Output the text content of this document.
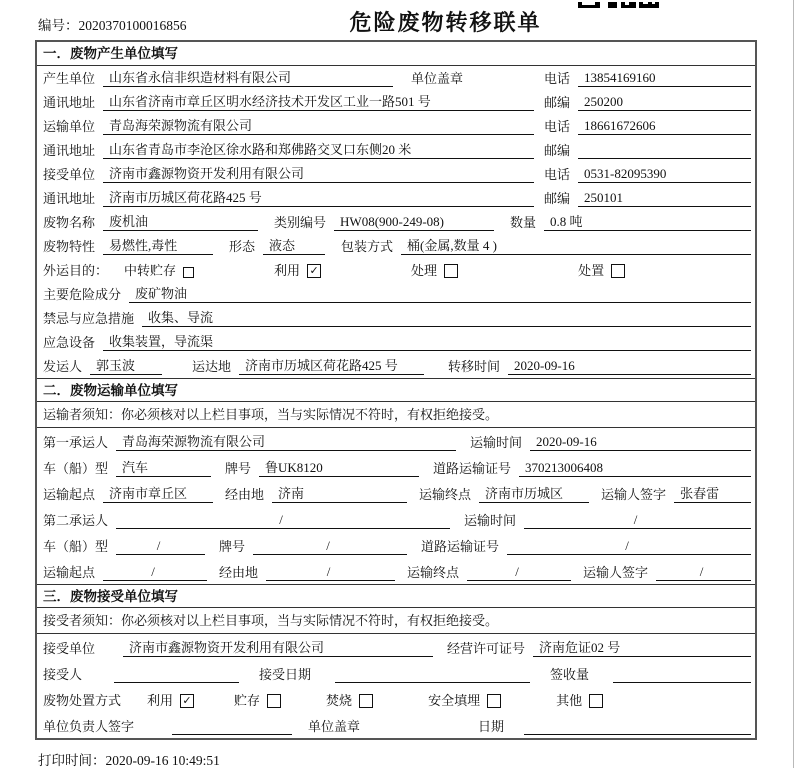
编号：2020370100016856	危险废物转移联单
一．废物产生单位填写
产生单位	山东省永信非织造材料有限公司	单位盖章	电话	13854169160
通讯地址	山东省济南市章丘区明水经济技术开发区工业一路501 号	邮编	250200
运输单位	青岛海荣源物流有限公司	电话	18661672606
通讯地址	山东省青岛市李沧区徐水路和郑佛路交叉口东侧20 米	邮编
接受单位	济南市鑫源物资开发利用有限公司	电话	0531-82095390
通讯地址	济南市历城区荷花路425 号	邮编	250101
废物名称	废机油	类别编号	HW08(900-249-08)	数量	0.8 吨
废物特性	易燃性,毒性	形态	液态	包装方式	桶(金属,数量 4 )
外运目的： 中转贮存	利用 ✓	处理	处置
主要危险成分	废矿物油
禁忌与应急措施	收集、导流
应急设备	收集装置，导流渠
发运人	郭玉波	运达地	济南市历城区荷花路425 号	转移时间	2020-09-16
二．废物运输单位填写
运输者须知：你必须核对以上栏目事项，当与实际情况不符时，有权拒绝接受。
第一承运人	青岛海荣源物流有限公司	运输时间	2020-09-16
车（船）型	汽车	牌号	鲁UK8120	道路运输证号	370213006408
运输起点	济南市章丘区	经由地	济南	运输终点	济南市历城区	运输人签字	张春雷
第二承运人	/	运输时间	/
车（船）型	/	牌号	/	道路运输证号	/
运输起点	/	经由地	/	运输终点	/	运输人签字	/
三．废物接受单位填写
接受者须知：你必须核对以上栏目事项，当与实际情况不符时，有权拒绝接受。
接受单位	济南市鑫源物资开发利用有限公司	经营许可证号	济南危证02 号
接受人	接受日期	签收量
废物处置方式 利用 ✓	贮存	焚烧	安全填埋	其他
单位负责人签字	单位盖章	日期
打印时间：2020-09-16 10:49:51
